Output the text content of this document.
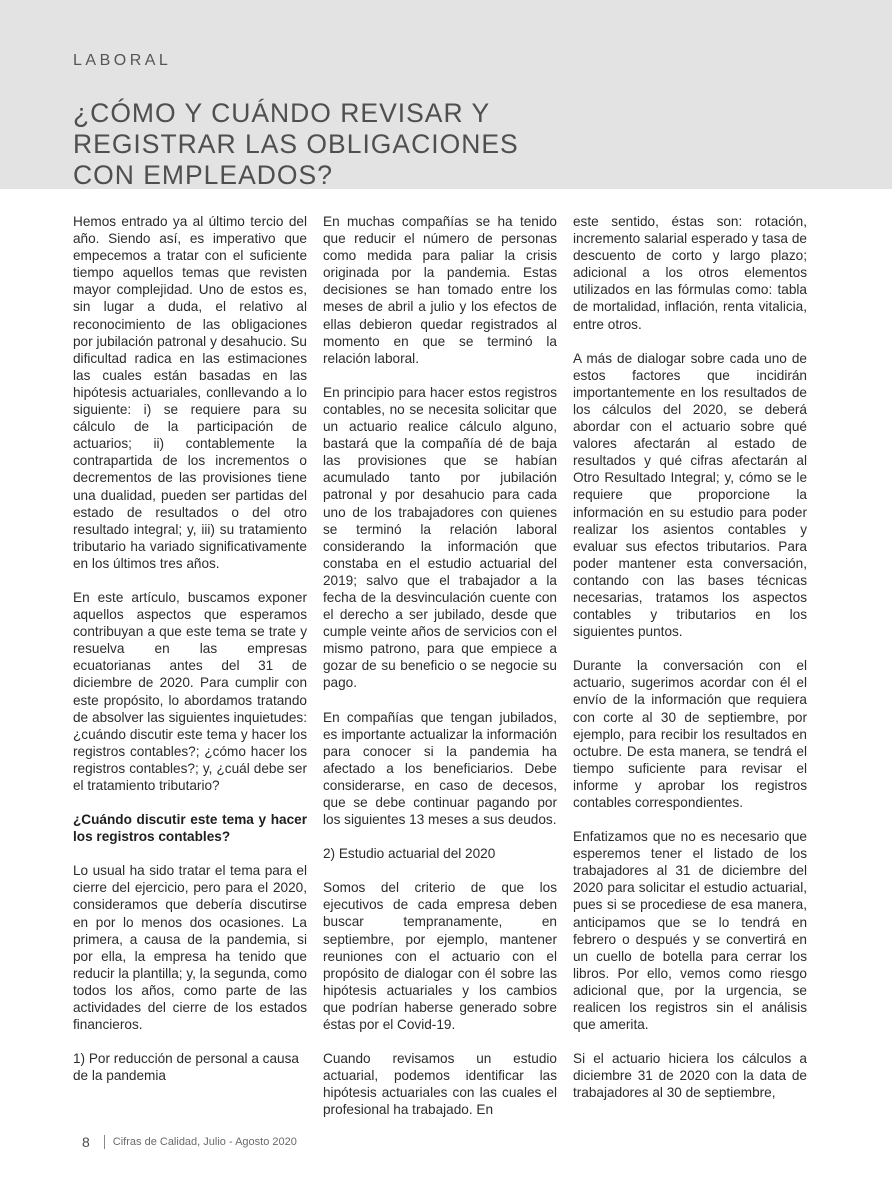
LABORAL
¿CÓMO Y CUÁNDO REVISAR Y
REGISTRAR LAS OBLIGACIONES
CON EMPLEADOS?

Hemos entrado ya al último tercio del año. Siendo así, es imperativo que empecemos a tratar con el suficiente tiempo aquellos temas que revisten mayor complejidad. Uno de estos es, sin lugar a duda, el relativo al reconocimiento de las obligaciones por jubilación patronal y desahucio. Su dificultad radica en las estimaciones las cuales están basadas en las hipótesis actuariales, conllevando a lo siguiente: i) se requiere para su cálculo de la participación de actuarios; ii) contablemente la contrapartida de los incrementos o decrementos de las provisiones tiene una dualidad, pueden ser partidas del estado de resultados o del otro resultado integral; y, iii) su tratamiento tributario ha variado significativamente en los últimos tres años.

En este artículo, buscamos exponer aquellos aspectos que esperamos contribuyan a que este tema se trate y resuelva en las empresas ecuatorianas antes del 31 de diciembre de 2020. Para cumplir con este propósito, lo abordamos tratando de absolver las siguientes inquietudes: ¿cuándo discutir este tema y hacer los registros contables?; ¿cómo hacer los registros contables?; y, ¿cuál debe ser el tratamiento tributario?

¿Cuándo discutir este tema y hacer los registros contables?

Lo usual ha sido tratar el tema para el cierre del ejercicio, pero para el 2020, consideramos que debería discutirse en por lo menos dos ocasiones. La primera, a causa de la pandemia, si por ella, la empresa ha tenido que reducir la plantilla; y, la segunda, como todos los años, como parte de las actividades del cierre de los estados financieros.

1) Por reducción de personal a causa de la pandemia

En muchas compañías se ha tenido que reducir el número de personas como medida para paliar la crisis originada por la pandemia. Estas decisiones se han tomado entre los meses de abril a julio y los efectos de ellas debieron quedar registrados al momento en que se terminó la relación laboral.

En principio para hacer estos registros contables, no se necesita solicitar que un actuario realice cálculo alguno, bastará que la compañía dé de baja las provisiones que se habían acumulado tanto por jubilación patronal y por desahucio para cada uno de los trabajadores con quienes se terminó la relación laboral considerando la información que constaba en el estudio actuarial del 2019; salvo que el trabajador a la fecha de la desvinculación cuente con el derecho a ser jubilado, desde que cumple veinte años de servicios con el mismo patrono, para que empiece a gozar de su beneficio o se negocie su pago.

En compañías que tengan jubilados, es importante actualizar la información para conocer si la pandemia ha afectado a los beneficiarios. Debe considerarse, en caso de decesos, que se debe continuar pagando por los siguientes 13 meses a sus deudos.

2) Estudio actuarial del 2020

Somos del criterio de que los ejecutivos de cada empresa deben buscar tempranamente, en septiembre, por ejemplo, mantener reuniones con el actuario con el propósito de dialogar con él sobre las hipótesis actuariales y los cambios que podrían haberse generado sobre éstas por el Covid-19.

Cuando revisamos un estudio actuarial, podemos identificar las hipótesis actuariales con las cuales el profesional ha trabajado. En

este sentido, éstas son: rotación, incremento salarial esperado y tasa de descuento de corto y largo plazo; adicional a los otros elementos utilizados en las fórmulas como: tabla de mortalidad, inflación, renta vitalicia, entre otros.

A más de dialogar sobre cada uno de estos factores que incidirán importantemente en los resultados de los cálculos del 2020, se deberá abordar con el actuario sobre qué valores afectarán al estado de resultados y qué cifras afectarán al Otro Resultado Integral; y, cómo se le requiere que proporcione la información en su estudio para poder realizar los asientos contables y evaluar sus efectos tributarios. Para poder mantener esta conversación, contando con las bases técnicas necesarias, tratamos los aspectos contables y tributarios en los siguientes puntos.

Durante la conversación con el actuario, sugerimos acordar con él el envío de la información que requiera con corte al 30 de septiembre, por ejemplo, para recibir los resultados en octubre. De esta manera, se tendrá el tiempo suficiente para revisar el informe y aprobar los registros contables correspondientes.

Enfatizamos que no es necesario que esperemos tener el listado de los trabajadores al 31 de diciembre del 2020 para solicitar el estudio actuarial, pues si se procediese de esa manera, anticipamos que se lo tendrá en febrero o después y se convertirá en un cuello de botella para cerrar los libros. Por ello, vemos como riesgo adicional que, por la urgencia, se realicen los registros sin el análisis que amerita.

Si el actuario hiciera los cálculos a diciembre 31 de 2020 con la data de trabajadores al 30 de septiembre,

8 Cifras de Calidad, Julio - Agosto 2020
